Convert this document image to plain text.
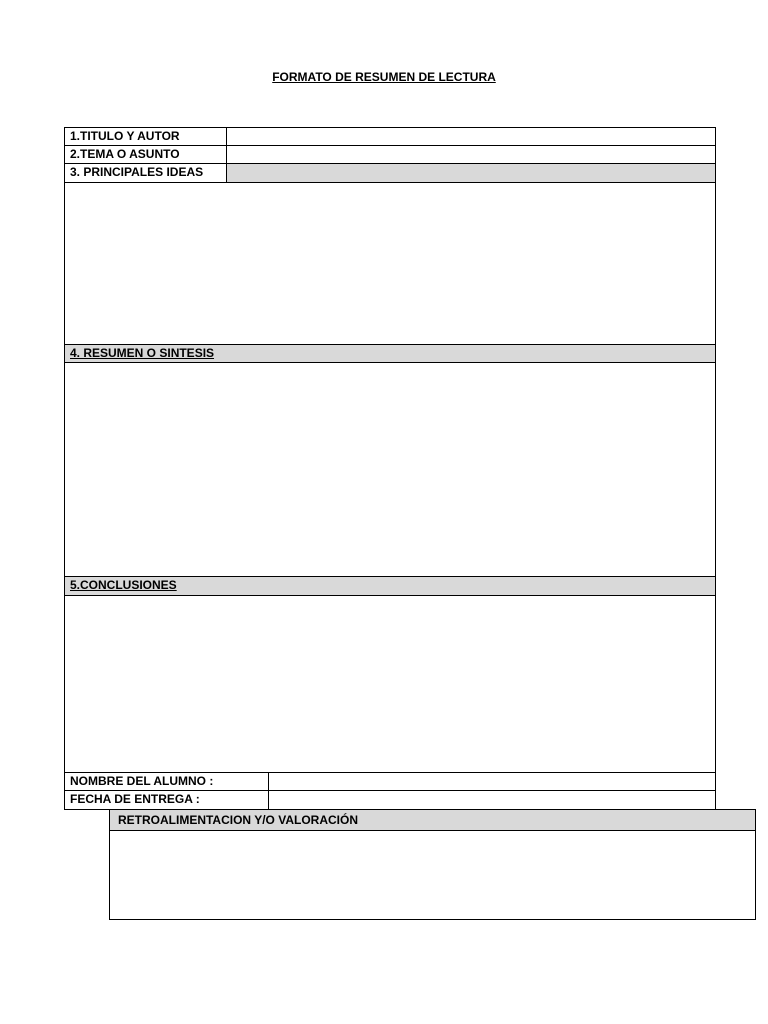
FORMATO DE RESUMEN DE LECTURA
1.TITULO Y AUTOR
2.TEMA O ASUNTO
3. PRINCIPALES IDEAS
4. RESUMEN O SINTESIS
5.CONCLUSIONES
NOMBRE DEL ALUMNO :
FECHA DE ENTREGA :
RETROALIMENTACION Y/O VALORACIÓN
